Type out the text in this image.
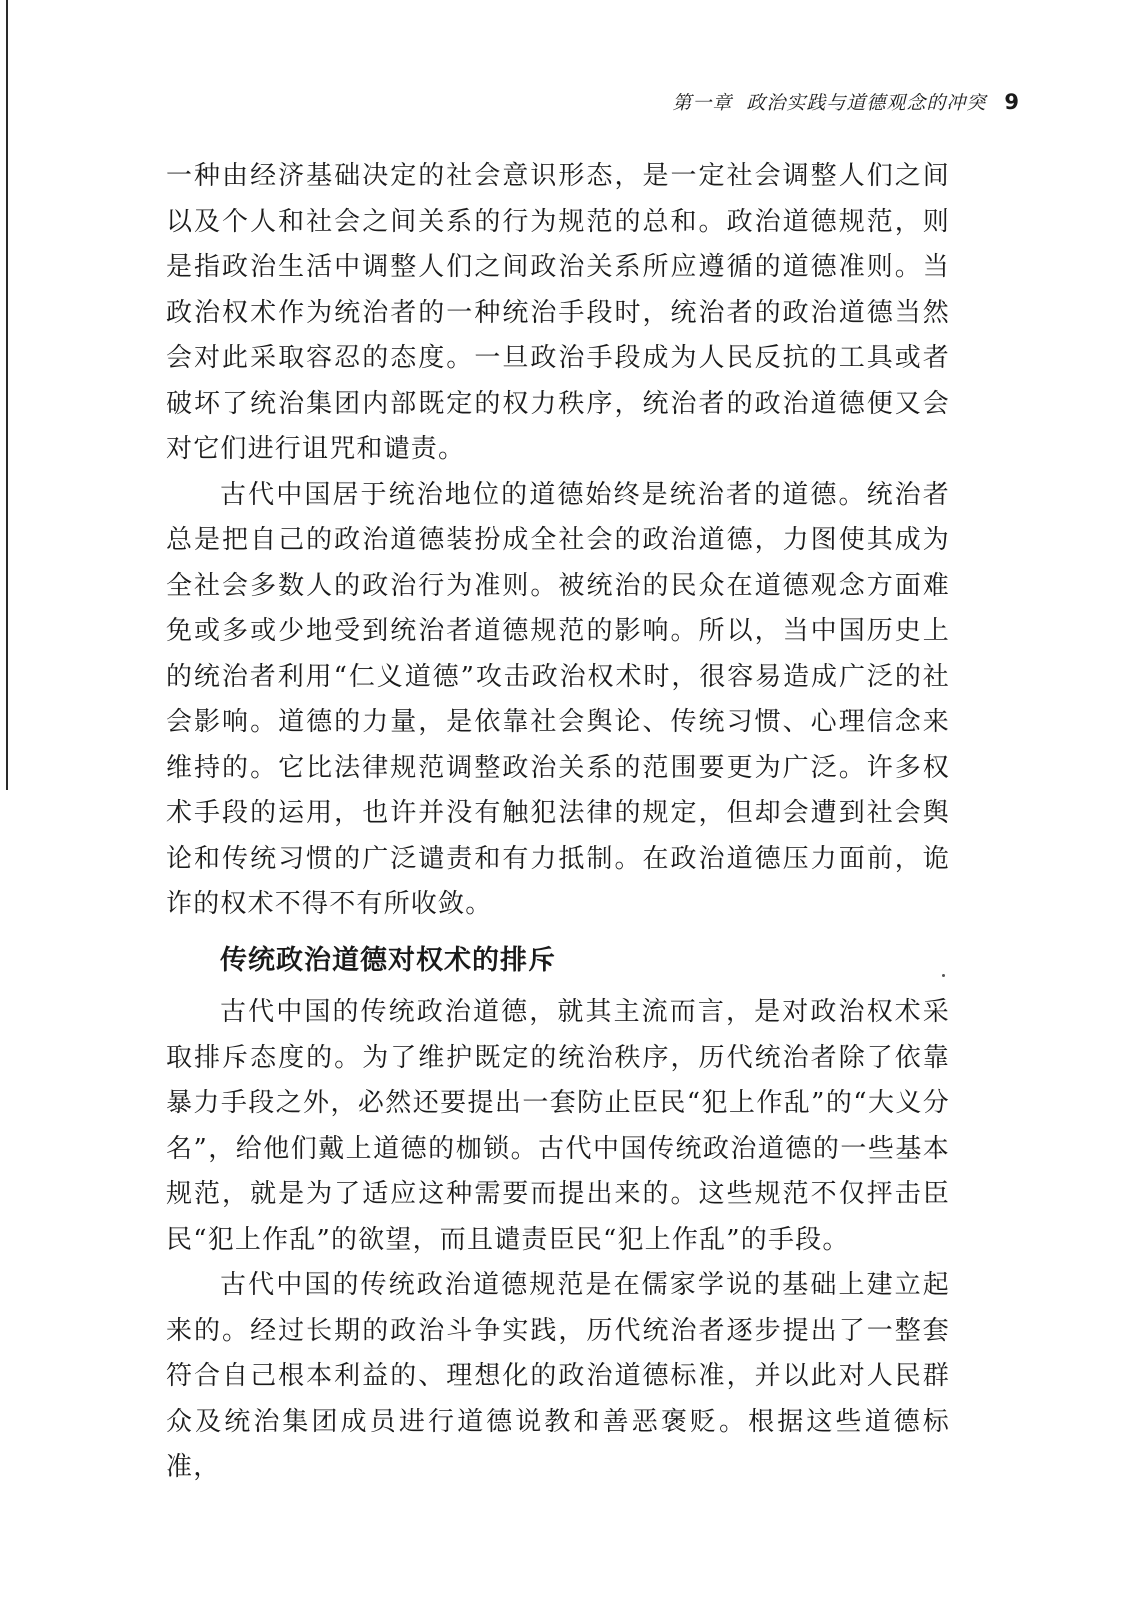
第一章 政治实践与道德观念的冲突 9

一种由经济基础决定的社会意识形态，是一定社会调整人们之间以及个人和社会之间关系的行为规范的总和。政治道德规范，则是指政治生活中调整人们之间政治关系所应遵循的道德准则。当政治权术作为统治者的一种统治手段时，统治者的政治道德当然会对此采取容忍的态度。一旦政治手段成为人民反抗的工具或者破坏了统治集团内部既定的权力秩序，统治者的政治道德便又会对它们进行诅咒和谴责。

古代中国居于统治地位的道德始终是统治者的道德。统治者总是把自己的政治道德装扮成全社会的政治道德，力图使其成为全社会多数人的政治行为准则。被统治的民众在道德观念方面难免或多或少地受到统治者道德规范的影响。所以，当中国历史上的统治者利用“仁义道德”攻击政治权术时，很容易造成广泛的社会影响。道德的力量，是依靠社会舆论、传统习惯、心理信念来维持的。它比法律规范调整政治关系的范围要更为广泛。许多权术手段的运用，也许并没有触犯法律的规定，但却会遭到社会舆论和传统习惯的广泛谴责和有力抵制。在政治道德压力面前，诡诈的权术不得不有所收敛。

传统政治道德对权术的排斥

古代中国的传统政治道德，就其主流而言，是对政治权术采取排斥态度的。为了维护既定的统治秩序，历代统治者除了依靠暴力手段之外，必然还要提出一套防止臣民“犯上作乱”的“大义分名”，给他们戴上道德的枷锁。古代中国传统政治道德的一些基本规范，就是为了适应这种需要而提出来的。这些规范不仅抨击臣民“犯上作乱”的欲望，而且谴责臣民“犯上作乱”的手段。

古代中国的传统政治道德规范是在儒家学说的基础上建立起来的。经过长期的政治斗争实践，历代统治者逐步提出了一整套符合自己根本利益的、理想化的政治道德标准，并以此对人民群众及统治集团成员进行道德说教和善恶褒贬。根据这些道德标准，
